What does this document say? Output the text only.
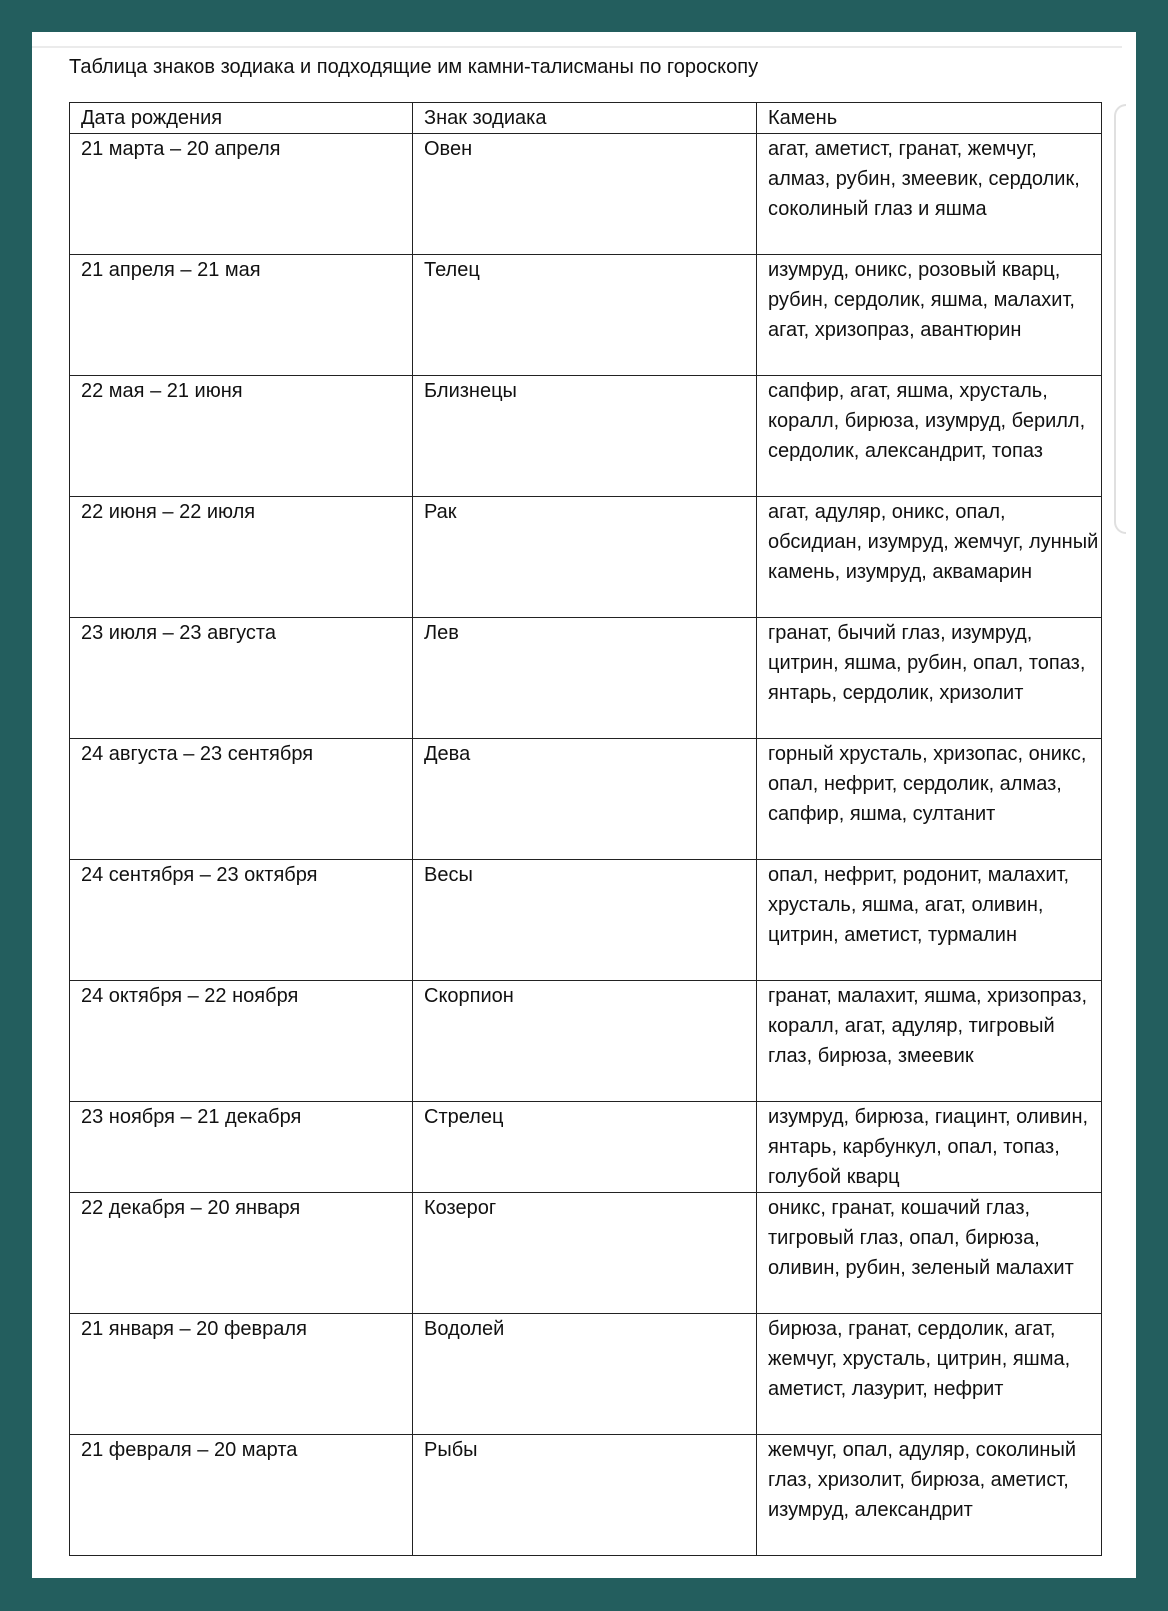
Таблица знаков зодиака и подходящие им камни-талисманы по гороскопу
Дата рождения	Знак зодиака	Камень
21 марта – 20 апреля	Овен	агат, аметист, гранат, жемчуг, алмаз, рубин, змеевик, сердолик, соколиный глаз и яшма
21 апреля – 21 мая	Телец	изумруд, оникс, розовый кварц, рубин, сердолик, яшма, малахит, агат, хризопраз, авантюрин
22 мая – 21 июня	Близнецы	сапфир, агат, яшма, хрусталь, коралл, бирюза, изумруд, берилл, сердолик, александрит, топаз
22 июня – 22 июля	Рак	агат, адуляр, оникс, опал, обсидиан, изумруд, жемчуг, лунный камень, изумруд, аквамарин
23 июля – 23 августа	Лев	гранат, бычий глаз, изумруд, цитрин, яшма, рубин, опал, топаз, янтарь, сердолик, хризолит
24 августа – 23 сентября	Дева	горный хрусталь, хризопас, оникс, опал, нефрит, сердолик, алмаз, сапфир, яшма, султанит
24 сентября – 23 октября	Весы	опал, нефрит, родонит, малахит, хрусталь, яшма, агат, оливин, цитрин, аметист, турмалин
24 октября – 22 ноября	Скорпион	гранат, малахит, яшма, хризопраз, коралл, агат, адуляр, тигровый глаз, бирюза, змеевик
23 ноября – 21 декабря	Стрелец	изумруд, бирюза, гиацинт, оливин, янтарь, карбункул, опал, топаз, голубой кварц
22 декабря – 20 января	Козерог	оникс, гранат, кошачий глаз, тигровый глаз, опал, бирюза, оливин, рубин, зеленый малахит
21 января – 20 февраля	Водолей	бирюза, гранат, сердолик, агат, жемчуг, хрусталь, цитрин, яшма, аметист, лазурит, нефрит
21 февраля – 20 марта	Рыбы	жемчуг, опал, адуляр, соколиный глаз, хризолит, бирюза, аметист, изумруд, александрит
